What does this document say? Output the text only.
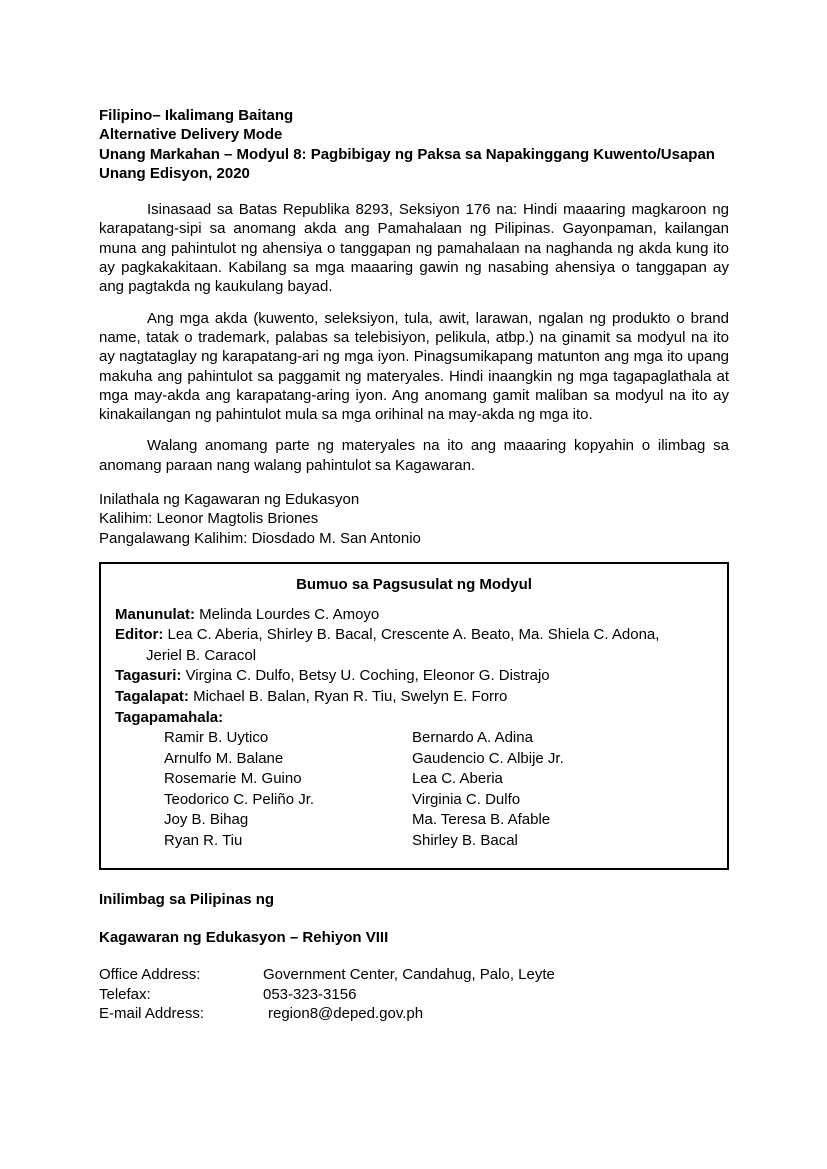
Filipino– Ikalimang Baitang
Alternative Delivery Mode
Unang Markahan – Modyul 8: Pagbibigay ng Paksa sa Napakinggang Kuwento/Usapan
Unang Edisyon, 2020

Isinasaad sa Batas Republika 8293, Seksiyon 176 na: Hindi maaaring magkaroon ng karapatang-sipi sa anomang akda ang Pamahalaan ng Pilipinas. Gayonpaman, kailangan muna ang pahintulot ng ahensiya o tanggapan ng pamahalaan na naghanda ng akda kung ito ay pagkakakitaan. Kabilang sa mga maaaring gawin ng nasabing ahensiya o tanggapan ay ang pagtakda ng kaukulang bayad.

Ang mga akda (kuwento, seleksiyon, tula, awit, larawan, ngalan ng produkto o brand name, tatak o trademark, palabas sa telebisiyon, pelikula, atbp.) na ginamit sa modyul na ito ay nagtataglay ng karapatang-ari ng mga iyon. Pinagsumikapang matunton ang mga ito upang makuha ang pahintulot sa paggamit ng materyales. Hindi inaangkin ng mga tagapaglathala at mga may-akda ang karapatang-aring iyon. Ang anomang gamit maliban sa modyul na ito ay kinakailangan ng pahintulot mula sa mga orihinal na may-akda ng mga ito.

Walang anomang parte ng materyales na ito ang maaaring kopyahin o ilimbag sa anomang paraan nang walang pahintulot sa Kagawaran.

Inilathala ng Kagawaran ng Edukasyon
Kalihim: Leonor Magtolis Briones
Pangalawang Kalihim: Diosdado M. San Antonio
Bumuo sa Pagsusulat ng Modyul
Manunulat: Melinda Lourdes C. Amoyo
Editor: Lea C. Aberia, Shirley B. Bacal, Crescente A. Beato, Ma. Shiela C. Adona,
Jeriel B. Caracol
Tagasuri: Virgina C. Dulfo, Betsy U. Coching, Eleonor G. Distrajo
Tagalapat: Michael B. Balan, Ryan R. Tiu, Swelyn E. Forro
Tagapamahala:
Ramir B. Uytico	Bernardo A. Adina
Arnulfo M. Balane	Gaudencio C. Albije Jr.
Rosemarie M. Guino	Lea C. Aberia
Teodorico C. Peliño Jr.	Virginia C. Dulfo
Joy B. Bihag	Ma. Teresa B. Afable
Ryan R. Tiu	Shirley B. Bacal
Inilimbag sa Pilipinas ng
Kagawaran ng Edukasyon – Rehiyon VIII
Office Address:	Government Center, Candahug, Palo, Leyte
Telefax:	053-323-3156
E-mail Address:	region8@deped.gov.ph
